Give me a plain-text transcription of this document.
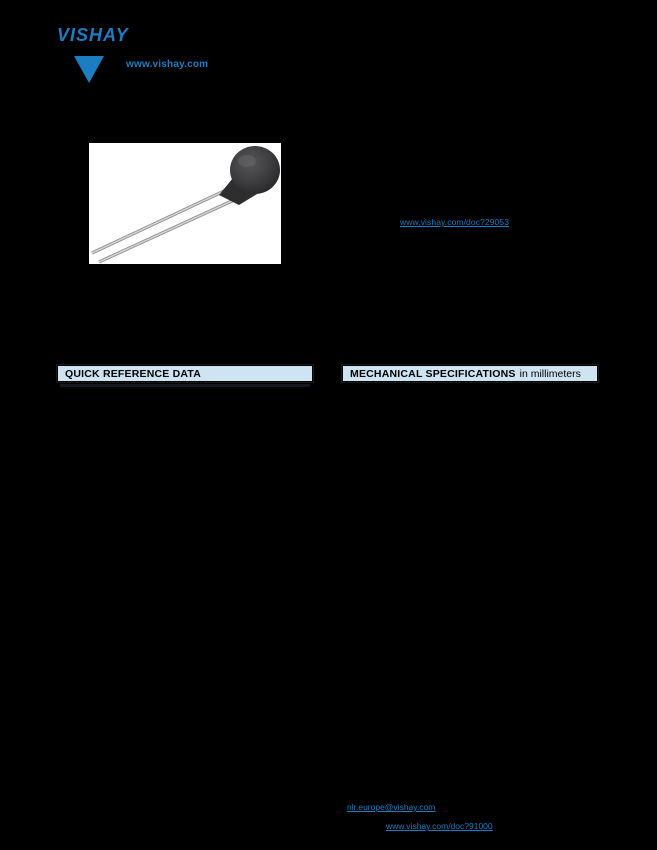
VISHAY
www.vishay.com
www.vishay.com/doc?29053
QUICK REFERENCE DATA	MECHANICAL SPECIFICATIONS in millimeters
nlr.europe@vishay.com
www.vishay.com/doc?91000
